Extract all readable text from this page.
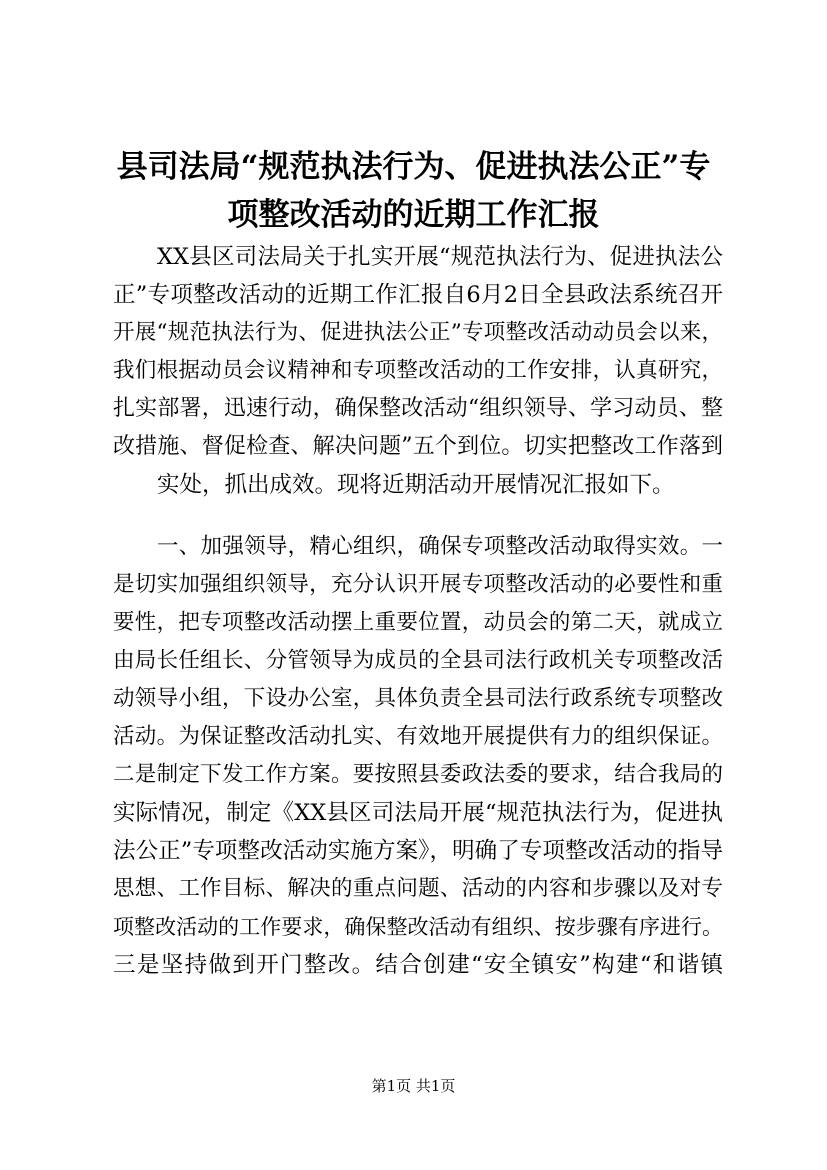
县司法局“规范执法行为、促进执法公正”专
项整改活动的近期工作汇报
XX县区司法局关于扎实开展“规范执法行为、促进执法公
正”专项整改活动的近期工作汇报自6月2日全县政法系统召开
开展“规范执法行为、促进执法公正”专项整改活动动员会以来，
我们根据动员会议精神和专项整改活动的工作安排，认真研究，
扎实部署，迅速行动，确保整改活动“组织领导、学习动员、整
改措施、督促检查、解决问题”五个到位。切实把整改工作落到
实处，抓出成效。现将近期活动开展情况汇报如下。
一、加强领导，精心组织，确保专项整改活动取得实效。一
是切实加强组织领导，充分认识开展专项整改活动的必要性和重
要性，把专项整改活动摆上重要位置，动员会的第二天，就成立
由局长任组长、分管领导为成员的全县司法行政机关专项整改活
动领导小组，下设办公室，具体负责全县司法行政系统专项整改
活动。为保证整改活动扎实、有效地开展提供有力的组织保证。
二是制定下发工作方案。要按照县委政法委的要求，结合我局的
实际情况，制定《XX县区司法局开展“规范执法行为，促进执
法公正”专项整改活动实施方案》，明确了专项整改活动的指导
思想、工作目标、解决的重点问题、活动的内容和步骤以及对专
项整改活动的工作要求，确保整改活动有组织、按步骤有序进行。
三是坚持做到开门整改。结合创建“安全镇安”构建“和谐镇
第1页 共1页
